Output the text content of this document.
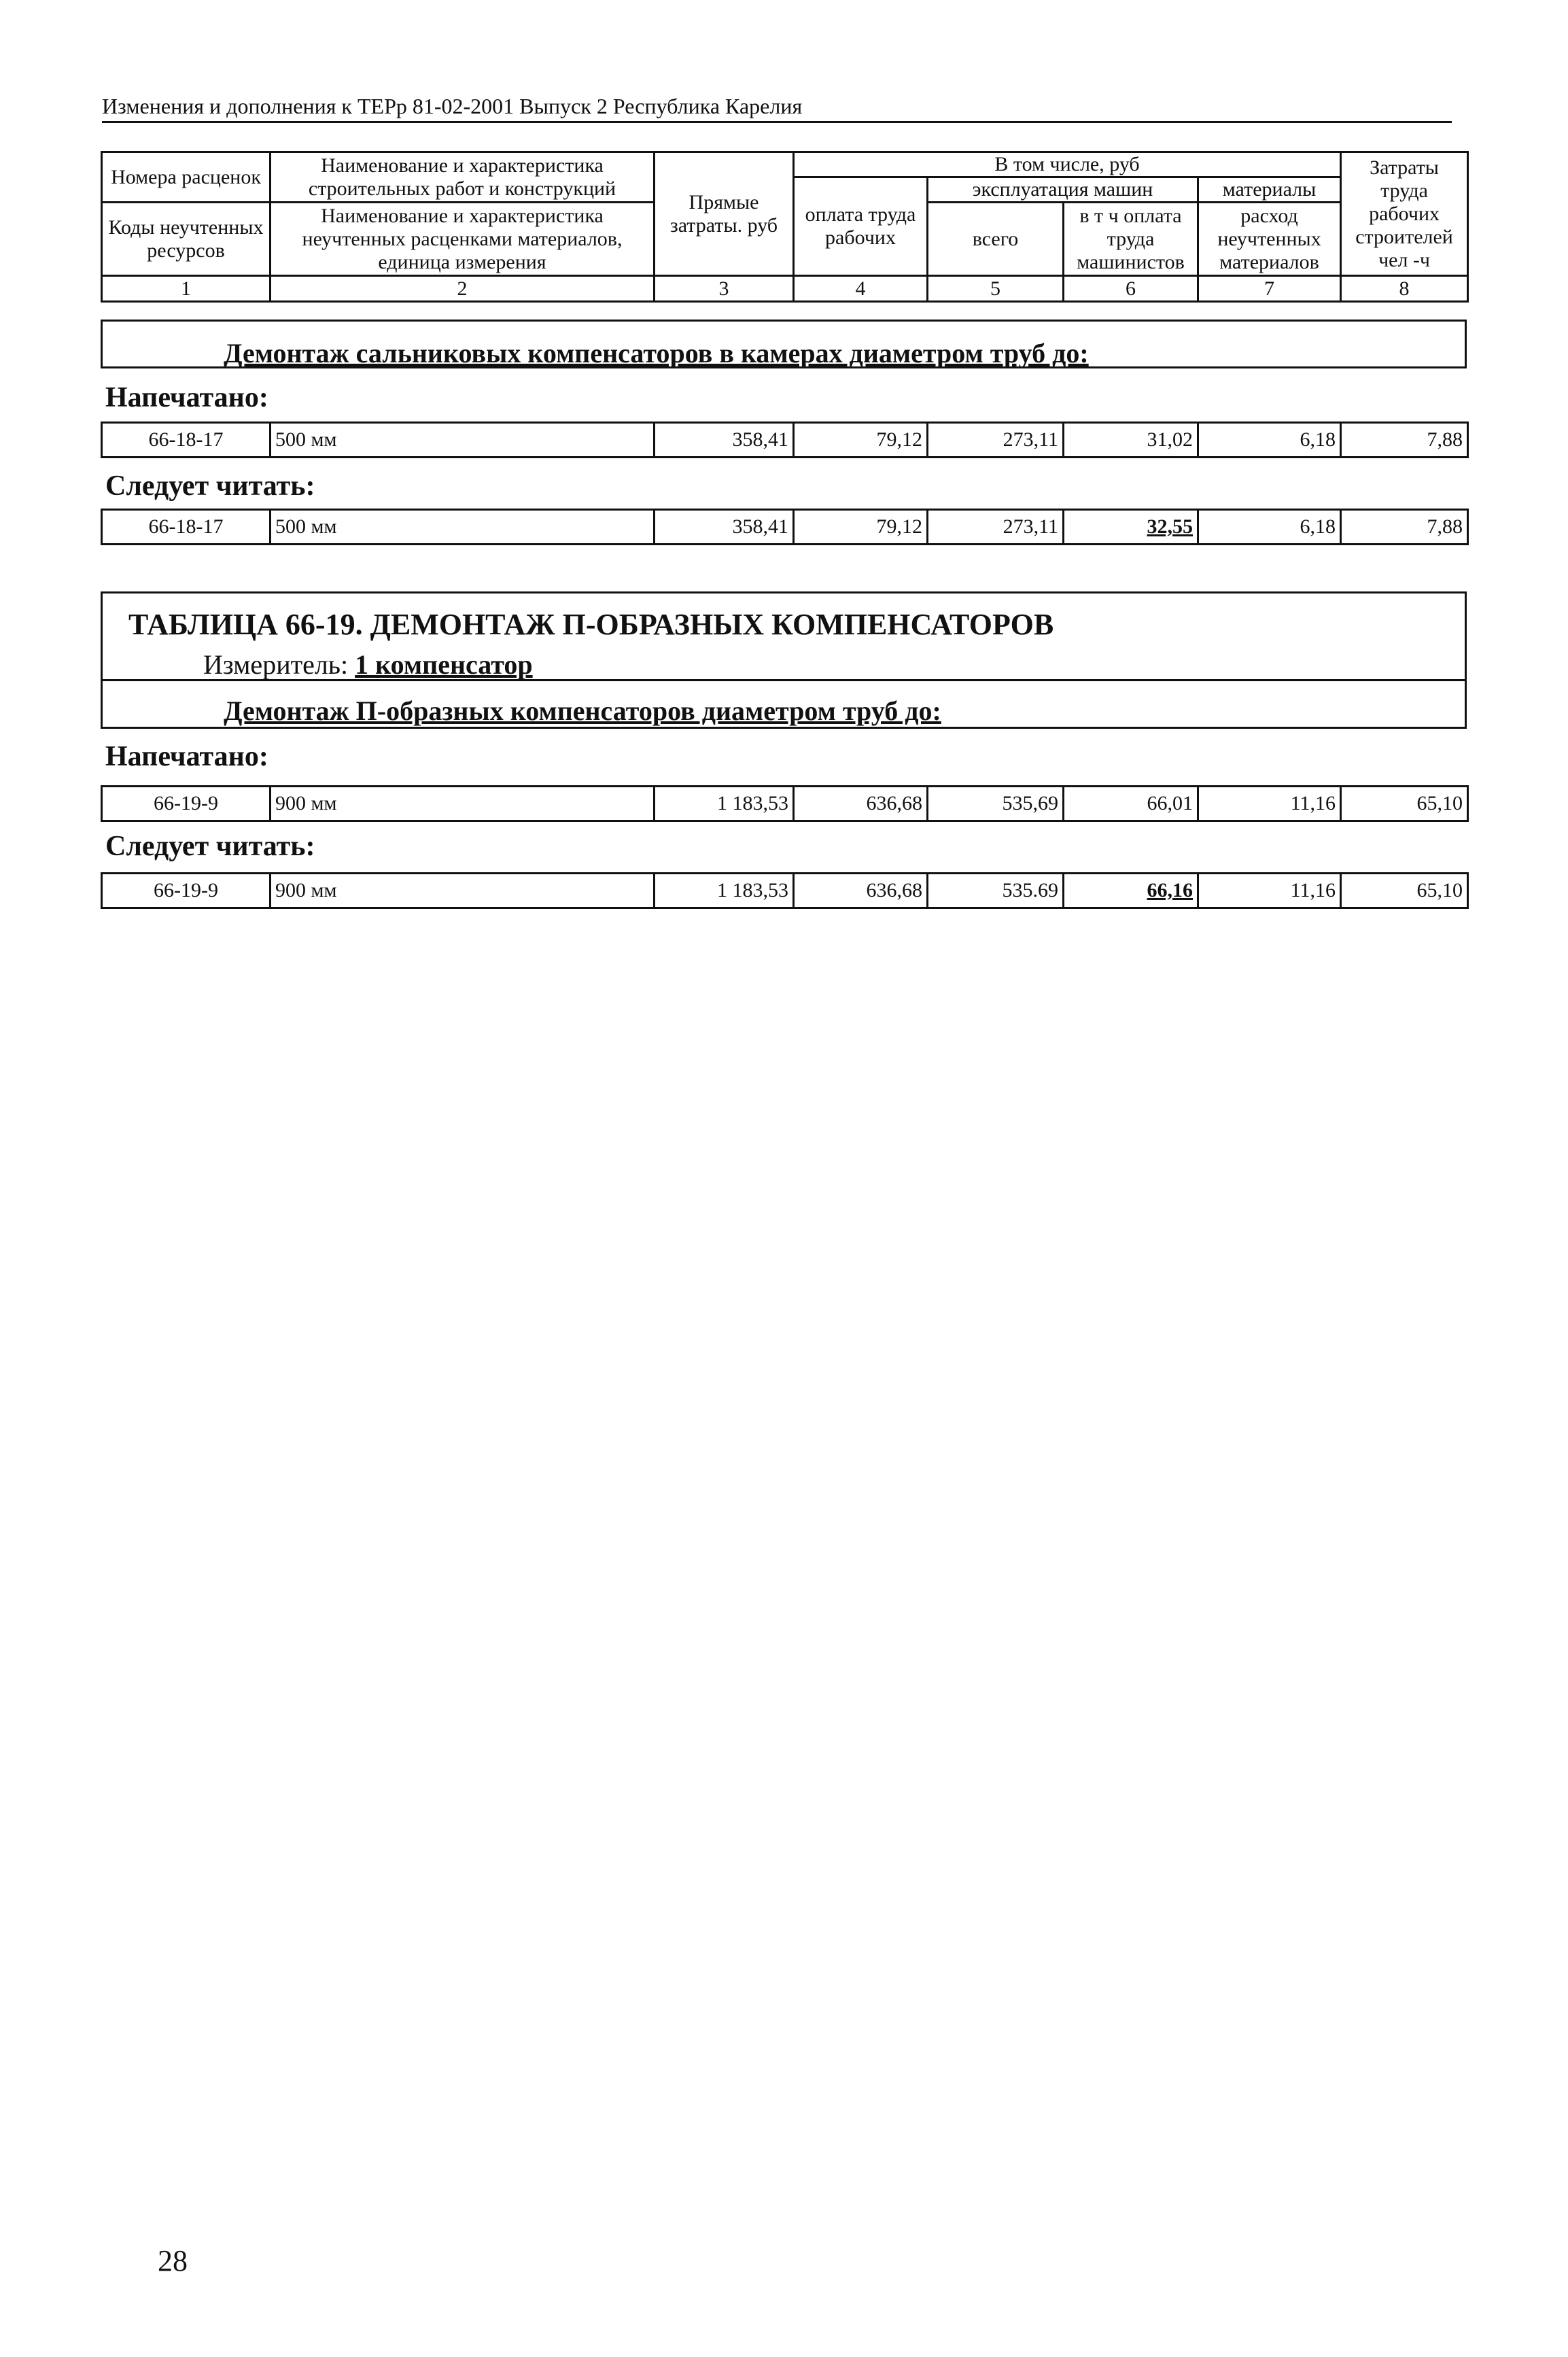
Изменения и дополнения к ТЕРр 81-02-2001 Выпуск 2 Республика Карелия
Номера расценок	Наименование и характеристика строительных работ и конструкций	Прямые затраты. руб	В том числе, руб				Затраты труда рабочих строителей чел -ч
			оплата труда рабочих	эксплуатация машин		материалы	
Коды неучтенных ресурсов	Наименование и характеристика неучтенных расценками материалов, единица измерения			всего	в т ч оплата труда машинистов	расход неучтенных материалов	

1	2	3	4	5	6	7	8
Демонтаж сальниковых компенсаторов в камерах диаметром труб до:
Напечатано:
66-18-17	500 мм	358,41	79,12	273,11	31,02	6,18	7,88
Следует читать:
66-18-17	500 мм	358,41	79,12	273,11	32,55	6,18	7,88
ТАБЛИЦА 66-19. ДЕМОНТАЖ П-ОБРАЗНЫХ КОМПЕНСАТОРОВ
Измеритель: 1 компенсатор
Демонтаж П-образных компенсаторов диаметром труб до:
Напечатано:
66-19-9	900 мм	1 183,53	636,68	535,69	66,01	11,16	65,10
Следует читать:
66-19-9	900 мм	1 183,53	636,68	535.69	66,16	11,16	65,10
28
